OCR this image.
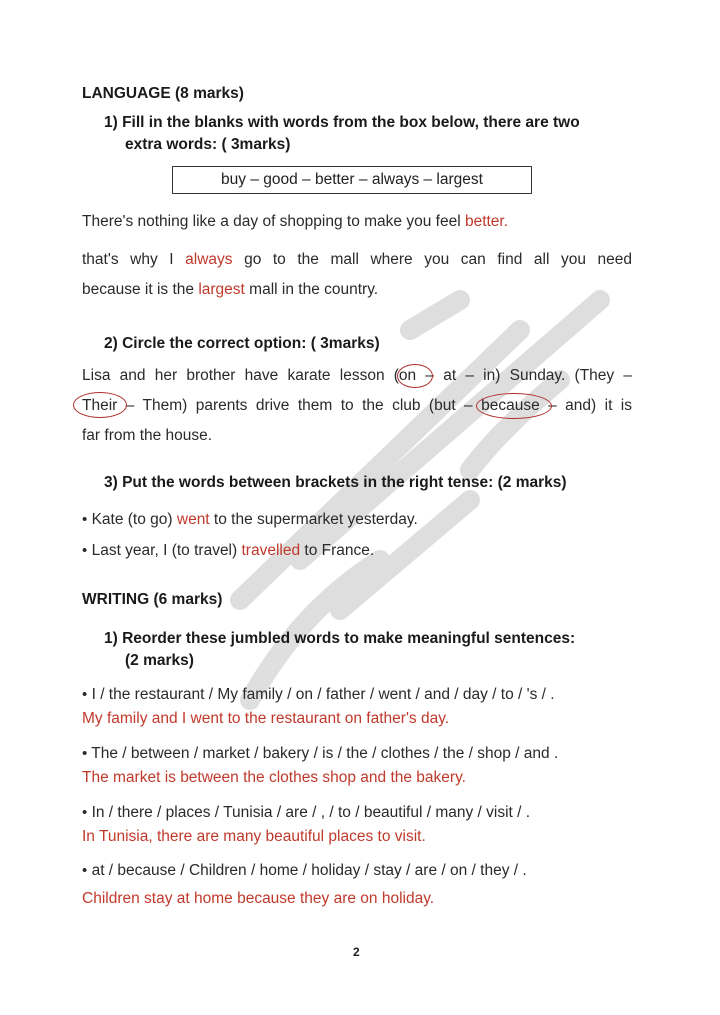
LANGUAGE (8 marks)
1) Fill in the blanks with words from the box below, there are two
extra words: ( 3marks)
buy – good – better – always – largest
There's nothing like a day of shopping to make you feel better.
that's why I always go to the mall where you can find all you need
because it is the largest mall in the country.
2) Circle the correct option: ( 3marks)
Lisa and her brother have karate lesson (on – at – in) Sunday. (They –
Their – Them) parents drive them to the club (but – because – and) it is
far from the house.
3) Put the words between brackets in the right tense: (2 marks)
• Kate (to go) went to the supermarket yesterday.
• Last year, I (to travel) travelled to France.
WRITING (6 marks)
1) Reorder these jumbled words to make meaningful sentences:
(2 marks)
• I / the restaurant / My family / on / father / went / and / day / to / 's / .
My family and I went to the restaurant on father's day.
• The / between / market / bakery / is / the / clothes / the / shop / and .
The market is between the clothes shop and the bakery.
• In / there / places / Tunisia / are / , / to / beautiful / many / visit / .
In Tunisia, there are many beautiful places to visit.
• at / because / Children / home / holiday / stay / are / on / they / .
Children stay at home because they are on holiday.
2
